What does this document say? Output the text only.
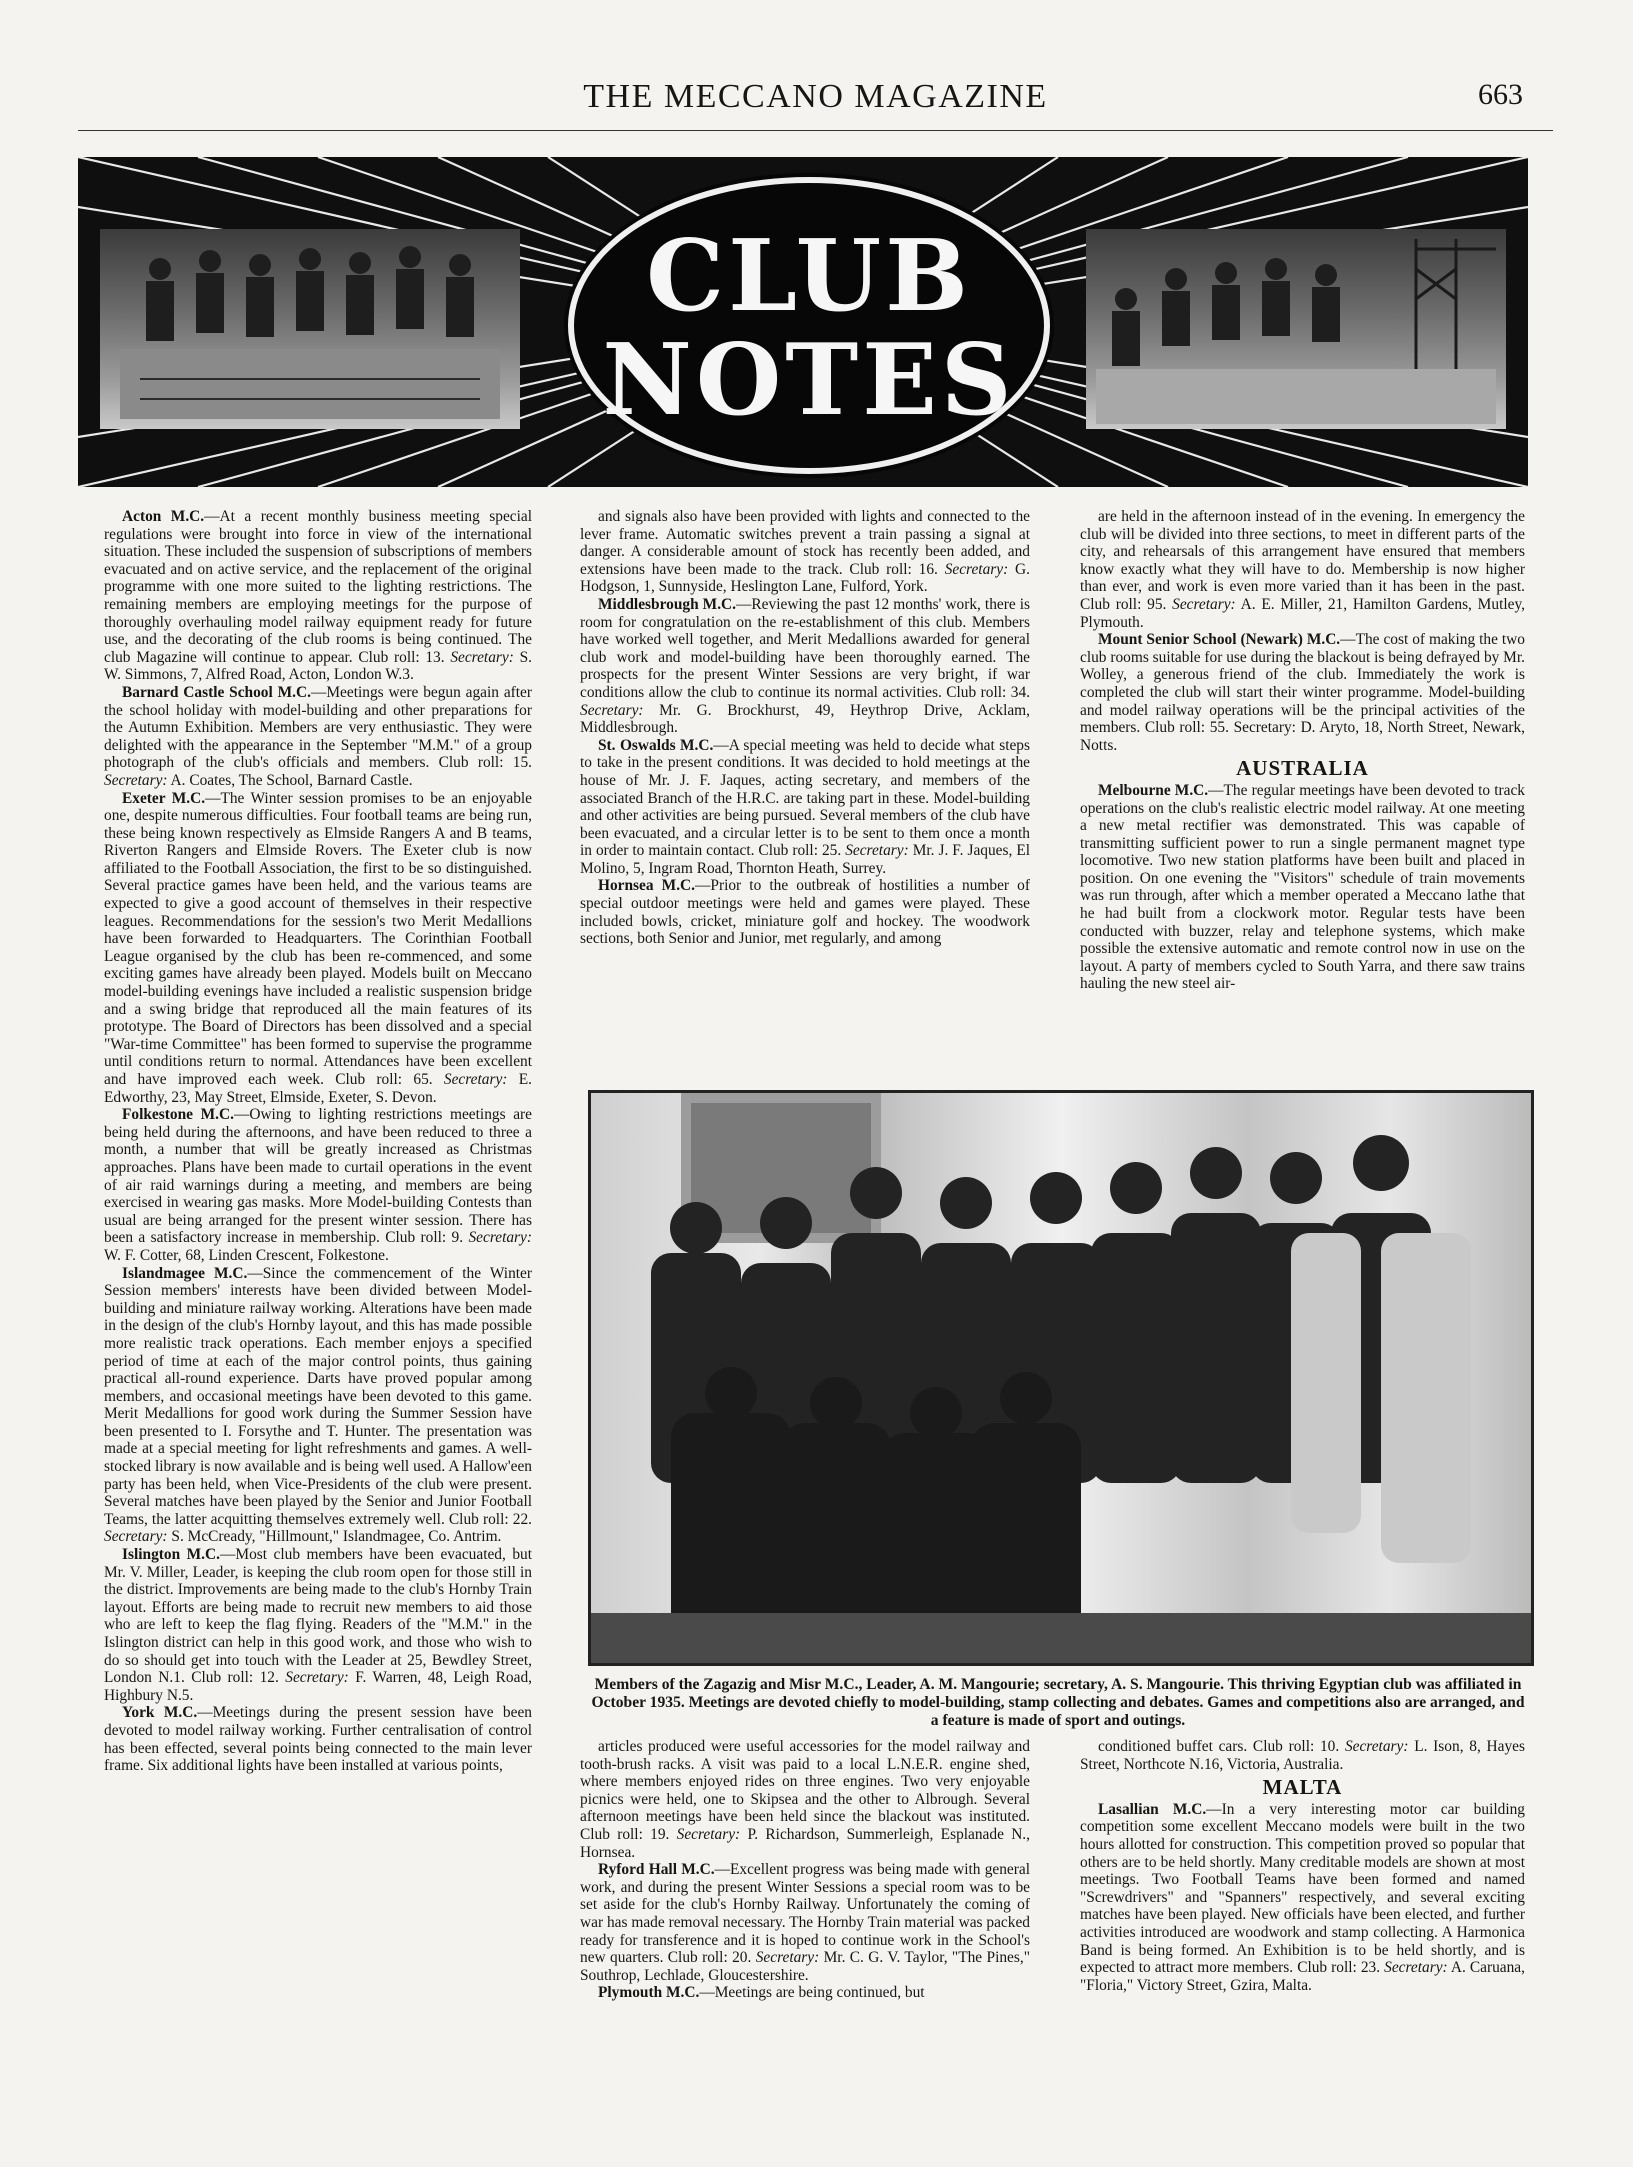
THE MECCANO MAGAZINE	663
CLUB
NOTES

Acton M.C.—At a recent monthly business meeting special regulations were brought into force in view of the international situation. These included the suspension of subscriptions of members evacuated and on active service, and the replacement of the original programme with one more suited to the lighting restrictions. The remaining members are employing meetings for the purpose of thoroughly overhauling model railway equipment ready for future use, and the decorating of the club rooms is being continued. The club Magazine will continue to appear. Club roll: 13. Secretary: S. W. Simmons, 7, Alfred Road, Acton, London W.3.

Barnard Castle School M.C.—Meetings were begun again after the school holiday with model-building and other preparations for the Autumn Exhibition. Members are very enthusiastic. They were delighted with the appearance in the September "M.M." of a group photograph of the club's officials and members. Club roll: 15. Secretary: A. Coates, The School, Barnard Castle.

Exeter M.C.—The Winter session promises to be an enjoyable one, despite numerous difficulties. Four football teams are being run, these being known respectively as Elmside Rangers A and B teams, Riverton Rangers and Elmside Rovers. The Exeter club is now affiliated to the Football Association, the first to be so distinguished. Several practice games have been held, and the various teams are expected to give a good account of themselves in their respective leagues. Recommendations for the session's two Merit Medallions have been forwarded to Headquarters. The Corinthian Football League organised by the club has been re-commenced, and some exciting games have already been played. Models built on Meccano model-building evenings have included a realistic suspension bridge and a swing bridge that reproduced all the main features of its prototype. The Board of Directors has been dissolved and a special "War-time Committee" has been formed to supervise the programme until conditions return to normal. Attendances have been excellent and have improved each week. Club roll: 65. Secretary: E. Edworthy, 23, May Street, Elmside, Exeter, S. Devon.

Folkestone M.C.—Owing to lighting restrictions meetings are being held during the afternoons, and have been reduced to three a month, a number that will be greatly increased as Christmas approaches. Plans have been made to curtail operations in the event of air raid warnings during a meeting, and members are being exercised in wearing gas masks. More Model-building Contests than usual are being arranged for the present winter session. There has been a satisfactory increase in membership. Club roll: 9. Secretary: W. F. Cotter, 68, Linden Crescent, Folkestone.

Islandmagee M.C.—Since the commencement of the Winter Session members' interests have been divided between Model-building and miniature railway working. Alterations have been made in the design of the club's Hornby layout, and this has made possible more realistic track operations. Each member enjoys a specified period of time at each of the major control points, thus gaining practical all-round experience. Darts have proved popular among members, and occasional meetings have been devoted to this game. Merit Medallions for good work during the Summer Session have been presented to I. Forsythe and T. Hunter. The presentation was made at a special meeting for light refreshments and games. A well-stocked library is now available and is being well used. A Hallow'een party has been held, when Vice-Presidents of the club were present. Several matches have been played by the Senior and Junior Football Teams, the latter acquitting themselves extremely well. Club roll: 22. Secretary: S. McCready, "Hillmount," Islandmagee, Co. Antrim.

Islington M.C.—Most club members have been evacuated, but Mr. V. Miller, Leader, is keeping the club room open for those still in the district. Improvements are being made to the club's Hornby Train layout. Efforts are being made to recruit new members to aid those who are left to keep the flag flying. Readers of the "M.M." in the Islington district can help in this good work, and those who wish to do so should get into touch with the Leader at 25, Bewdley Street, London N.1. Club roll: 12. Secretary: F. Warren, 48, Leigh Road, Highbury N.5.

York M.C.—Meetings during the present session have been devoted to model railway working. Further centralisation of control has been effected, several points being connected to the main lever frame. Six additional lights have been installed at various points,

and signals also have been provided with lights and connected to the lever frame. Automatic switches prevent a train passing a signal at danger. A considerable amount of stock has recently been added, and extensions have been made to the track. Club roll: 16. Secretary: G. Hodgson, 1, Sunnyside, Heslington Lane, Fulford, York.

Middlesbrough M.C.—Reviewing the past 12 months' work, there is room for congratulation on the re-establishment of this club. Members have worked well together, and Merit Medallions awarded for general club work and model-building have been thoroughly earned. The prospects for the present Winter Sessions are very bright, if war conditions allow the club to continue its normal activities. Club roll: 34. Secretary: Mr. G. Brockhurst, 49, Heythrop Drive, Acklam, Middlesbrough.

St. Oswalds M.C.—A special meeting was held to decide what steps to take in the present conditions. It was decided to hold meetings at the house of Mr. J. F. Jaques, acting secretary, and members of the associated Branch of the H.R.C. are taking part in these. Model-building and other activities are being pursued. Several members of the club have been evacuated, and a circular letter is to be sent to them once a month in order to maintain contact. Club roll: 25. Secretary: Mr. J. F. Jaques, El Molino, 5, Ingram Road, Thornton Heath, Surrey.

Hornsea M.C.—Prior to the outbreak of hostilities a number of special outdoor meetings were held and games were played. These included bowls, cricket, miniature golf and hockey. The woodwork sections, both Senior and Junior, met regularly, and among

are held in the afternoon instead of in the evening. In emergency the club will be divided into three sections, to meet in different parts of the city, and rehearsals of this arrangement have ensured that members know exactly what they will have to do. Membership is now higher than ever, and work is even more varied than it has been in the past. Club roll: 95. Secretary: A. E. Miller, 21, Hamilton Gardens, Mutley, Plymouth.

Mount Senior School (Newark) M.C.—The cost of making the two club rooms suitable for use during the blackout is being defrayed by Mr. Wolley, a generous friend of the club. Immediately the work is completed the club will start their winter programme. Model-building and model railway operations will be the principal activities of the members. Club roll: 55. Secretary: D. Aryto, 18, North Street, Newark, Notts.

AUSTRALIA

Melbourne M.C.—The regular meetings have been devoted to track operations on the club's realistic electric model railway. At one meeting a new metal rectifier was demonstrated. This was capable of transmitting sufficient power to run a single permanent magnet type locomotive. Two new station platforms have been built and placed in position. On one evening the "Visitors" schedule of train movements was run through, after which a member operated a Meccano lathe that he had built from a clockwork motor. Regular tests have been conducted with buzzer, relay and telephone systems, which make possible the extensive automatic and remote control now in use on the layout. A party of members cycled to South Yarra, and there saw trains hauling the new steel air-

Members of the Zagazig and Misr M.C., Leader, A. M. Mangourie; secretary, A. S. Mangourie. This thriving Egyptian club was affiliated in October 1935. Meetings are devoted chiefly to model-building, stamp collecting and debates. Games and competitions also are arranged, and a feature is made of sport and outings.

articles produced were useful accessories for the model railway and tooth-brush racks. A visit was paid to a local L.N.E.R. engine shed, where members enjoyed rides on three engines. Two very enjoyable picnics were held, one to Skipsea and the other to Albrough. Several afternoon meetings have been held since the blackout was instituted. Club roll: 19. Secretary: P. Richardson, Summerleigh, Esplanade N., Hornsea.

Ryford Hall M.C.—Excellent progress was being made with general work, and during the present Winter Sessions a special room was to be set aside for the club's Hornby Railway. Unfortunately the coming of war has made removal necessary. The Hornby Train material was packed ready for transference and it is hoped to continue work in the School's new quarters. Club roll: 20. Secretary: Mr. C. G. V. Taylor, "The Pines," Southrop, Lechlade, Gloucestershire.

Plymouth M.C.—Meetings are being continued, but

conditioned buffet cars. Club roll: 10. Secretary: L. Ison, 8, Hayes Street, Northcote N.16, Victoria, Australia.

MALTA

Lasallian M.C.—In a very interesting motor car building competition some excellent Meccano models were built in the two hours allotted for construction. This competition proved so popular that others are to be held shortly. Many creditable models are shown at most meetings. Two Football Teams have been formed and named "Screwdrivers" and "Spanners" respectively, and several exciting matches have been played. New officials have been elected, and further activities introduced are woodwork and stamp collecting. A Harmonica Band is being formed. An Exhibition is to be held shortly, and is expected to attract more members. Club roll: 23. Secretary: A. Caruana, "Floria," Victory Street, Gzira, Malta.
